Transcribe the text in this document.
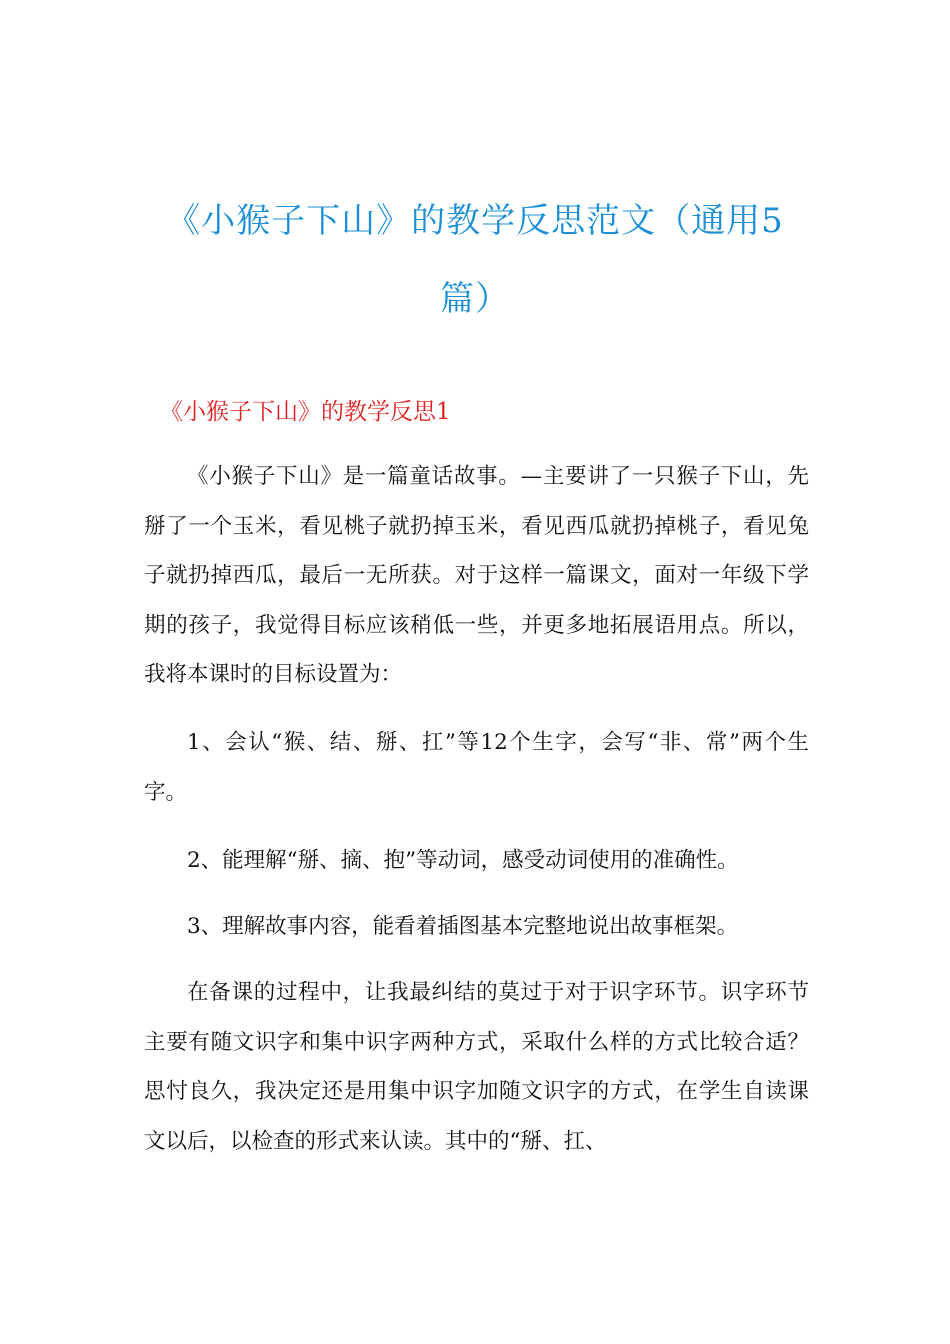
《小猴子下山》的教学反思范文（通用5篇）
《小猴子下山》的教学反思1

《小猴子下山》是一篇童话故事。—主要讲了一只猴子下山，先掰了一个玉米，看见桃子就扔掉玉米，看见西瓜就扔掉桃子，看见兔子就扔掉西瓜，最后一无所获。对于这样一篇课文，面对一年级下学期的孩子，我觉得目标应该稍低一些，并更多地拓展语用点。所以，我将本课时的目标设置为：

1、会认“猴、结、掰、扛”等12个生字，会写“非、常”两个生字。

2、能理解“掰、摘、抱”等动词，感受动词使用的准确性。

3、理解故事内容，能看着插图基本完整地说出故事框架。

在备课的过程中，让我最纠结的莫过于对于识字环节。识字环节主要有随文识字和集中识字两种方式，采取什么样的方式比较合适？思忖良久，我决定还是用集中识字加随文识字的方式，在学生自读课文以后，以检查的形式来认读。其中的“掰、扛、
